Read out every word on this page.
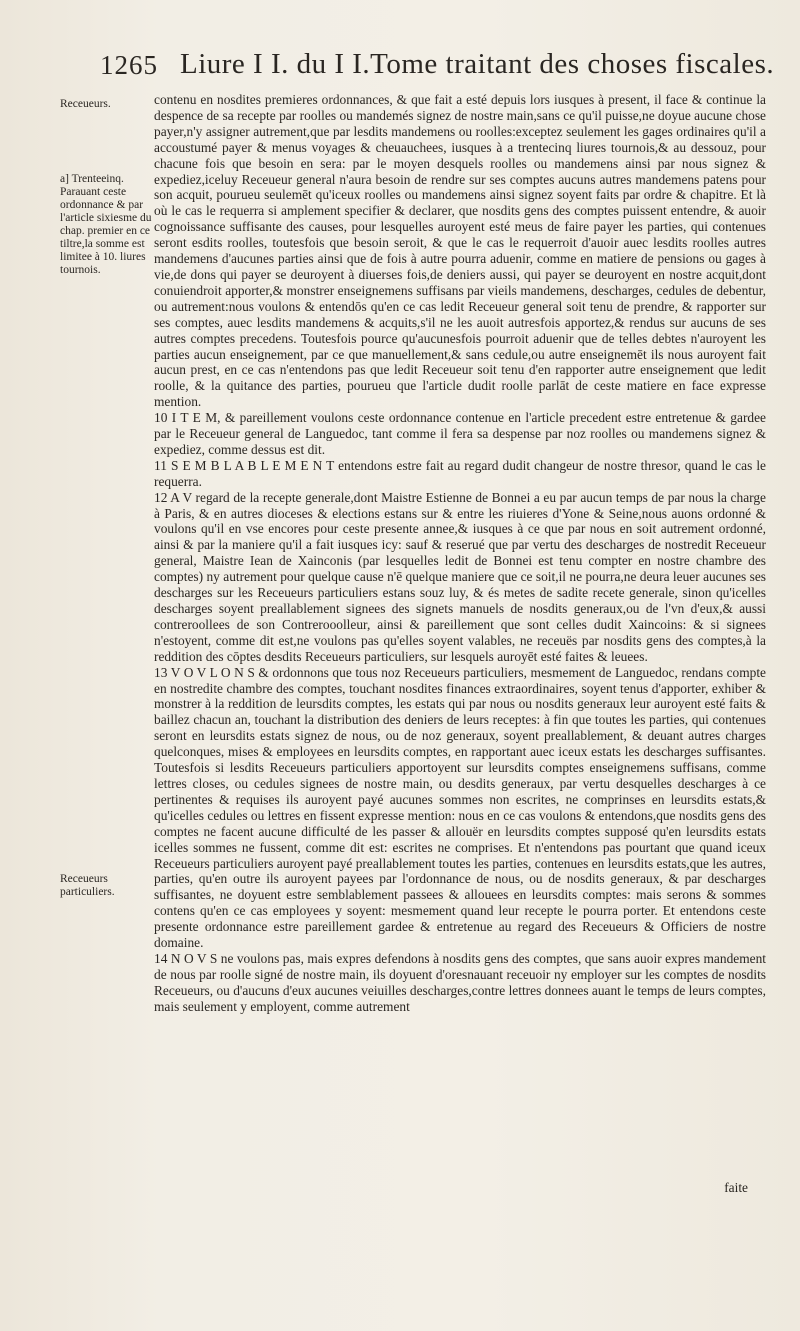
1265 Liure I I. du I I.Tome traitant des choses fiscales.
Receueurs.
a] Trenteeinq. Parauant ceste ordonnance & par l'article sixiesme du chap. premier en ce tiltre,la somme est limitee à 10. liures tournois.
Receueurs particuliers.

contenu en nosdites premieres ordonnances, & que fait a esté depuis lors iusques à present, il face & continue la despence de sa recepte par roolles ou mandemés signez de nostre main,sans ce qu'il puisse,ne doyue aucune chose payer,n'y assigner autrement,que par lesdits mandemens ou roolles:exceptez seulement les gages ordinaires qu'il a accoustumé payer & menus voyages & cheuauchees, iusques à a trentecinq liures tournois,& au dessouz, pour chacune fois que besoin en sera: par le moyen desquels roolles ou mandemens ainsi par nous signez & expediez,iceluy Receueur general n'aura besoin de rendre sur ses comptes aucuns autres mandemens patens pour son acquit, pourueu seulemēt qu'iceux roolles ou mandemens ainsi signez soyent faits par ordre & chapitre. Et là où le cas le requerra si amplement specifier & declarer, que nosdits gens des comptes puissent entendre, & auoir cognoissance suffisante des causes, pour lesquelles auroyent esté meus de faire payer les parties, qui contenues seront esdits roolles, toutesfois que besoin seroit, & que le cas le requerroit d'auoir auec lesdits roolles autres mandemens d'aucunes parties ainsi que de fois à autre pourra aduenir, comme en matiere de pensions ou gages à vie,de dons qui payer se deuroyent à diuerses fois,de deniers aussi, qui payer se deuroyent en nostre acquit,dont conuiendroit apporter,& monstrer enseignemens suffisans par vieils mandemens, descharges, cedules de debentur, ou autrement:nous voulons & entendōs qu'en ce cas ledit Receueur general soit tenu de prendre, & rapporter sur ses comptes, auec lesdits mandemens & acquits,s'il ne les auoit autresfois apportez,& rendus sur aucuns de ses autres comptes precedens. Toutesfois pource qu'aucunesfois pourroit aduenir que de telles debtes n'auroyent les parties aucun enseignement, par ce que manuellement,& sans cedule,ou autre enseignemēt ils nous auroyent fait aucun prest, en ce cas n'entendons pas que ledit Receueur soit tenu d'en rapporter autre enseignement que ledit roolle, & la quitance des parties, pourueu que l'article dudit roolle parlāt de ceste matiere en face expresse mention.

10 I T E M, & pareillement voulons ceste ordonnance contenue en l'article precedent estre entretenue & gardee par le Receueur general de Languedoc, tant comme il fera sa despense par noz roolles ou mandemens signez & expediez, comme dessus est dit.

11 S E M B L A B L E M E N T entendons estre fait au regard dudit changeur de nostre thresor, quand le cas le requerra.

12 A V regard de la recepte generale,dont Maistre Estienne de Bonnei a eu par aucun temps de par nous la charge à Paris, & en autres dioceses & elections estans sur & entre les riuieres d'Yone & Seine,nous auons ordonné & voulons qu'il en vse encores pour ceste presente annee,& iusques à ce que par nous en soit autrement ordonné, ainsi & par la maniere qu'il a fait iusques icy: sauf & reserué que par vertu des descharges de nostredit Receueur general, Maistre Iean de Xainconis (par lesquelles ledit de Bonnei est tenu compter en nostre chambre des comptes) ny autrement pour quelque cause n'ē quelque maniere que ce soit,il ne pourra,ne deura leuer aucunes ses descharges sur les Receueurs particuliers estans souz luy, & és metes de sadite recete generale, sinon qu'icelles descharges soyent preallablement signees des signets manuels de nosdits generaux,ou de l'vn d'eux,& aussi contreroollees de son Contrerooolleur, ainsi & pareillement que sont celles dudit Xaincoins: & si signees n'estoyent, comme dit est,ne voulons pas qu'elles soyent valables, ne receuës par nosdits gens des comptes,à la reddition des cōptes desdits Receueurs particuliers, sur lesquels auroyēt esté faites & leuees.

13 V O V L O N S & ordonnons que tous noz Receueurs particuliers, mesmement de Languedoc, rendans compte en nostredite chambre des comptes, touchant nosdites finances extraordinaires, soyent tenus d'apporter, exhiber & monstrer à la reddition de leursdits comptes, les estats qui par nous ou nosdits generaux leur auroyent esté faits & baillez chacun an, touchant la distribution des deniers de leurs receptes: à fin que toutes les parties, qui contenues seront en leursdits estats signez de nous, ou de noz generaux, soyent preallablement, & deuant autres charges quelconques, mises & employees en leursdits comptes, en rapportant auec iceux estats les descharges suffisantes. Toutesfois si lesdits Receueurs particuliers apportoyent sur leursdits comptes enseignemens suffisans, comme lettres closes, ou cedules signees de nostre main, ou desdits generaux, par vertu desquelles descharges à ce pertinentes & requises ils auroyent payé aucunes sommes non escrites, ne comprinses en leursdits estats,& qu'icelles cedules ou lettres en fissent expresse mention: nous en ce cas voulons & entendons,que nosdits gens des comptes ne facent aucune difficulté de les passer & allouër en leursdits comptes supposé qu'en leursdits estats icelles sommes ne fussent, comme dit est: escrites ne comprises. Et n'entendons pas pourtant que quand iceux Receueurs particuliers auroyent payé preallablement toutes les parties, contenues en leursdits estats,que les autres, parties, qu'en outre ils auroyent payees par l'ordonnance de nous, ou de nosdits generaux, & par descharges suffisantes, ne doyuent estre semblablement passees & allouees en leursdits comptes: mais serons & sommes contens qu'en ce cas employees y soyent: mesmement quand leur recepte le pourra porter. Et entendons ceste presente ordonnance estre pareillement gardee & entretenue au regard des Receueurs & Officiers de nostre domaine.

14 N O V S ne voulons pas, mais expres defendons à nosdits gens des comptes, que sans auoir expres mandement de nous par roolle signé de nostre main, ils doyuent d'oresnauant receuoir ny employer sur les comptes de nosdits Receueurs, ou d'aucuns d'eux aucunes veiuilles descharges,contre lettres donnees auant le temps de leurs comptes, mais seulement y employent, comme autrement

faite
